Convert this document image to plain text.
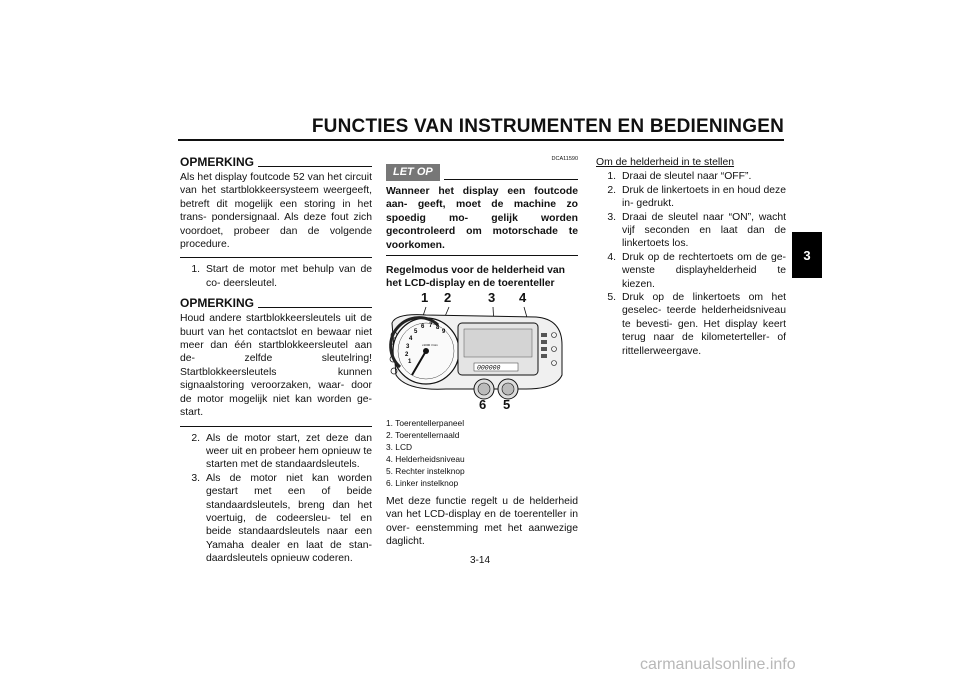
FUNCTIES VAN INSTRUMENTEN EN BEDIENINGEN
3
OPMERKING
Als het display foutcode 52 van het circuit van het startblokkeersysteem weergeeft, betreft dit mogelijk een storing in het trans- pondersignaal. Als deze fout zich voordoet, probeer dan de volgende procedure.
1. Start de motor met behulp van de co- deersleutel.
OPMERKING
Houd andere startblokkeersleutels uit de buurt van het contactslot en bewaar niet meer dan één startblokkeersleutel aan de- zelfde sleutelring! Startblokkeersleutels kunnen signaalstoring veroorzaken, waar- door de motor mogelijk niet kan worden ge- start.
2. Als de motor start, zet deze dan weer uit en probeer hem opnieuw te starten met de standaardsleutels.
3. Als de motor niet kan worden gestart met een of beide standaardsleutels, breng dan het voertuig, de codeersleu- tel en beide standaardsleutels naar een Yamaha dealer en laat de stan- daardsleutels opnieuw coderen.
DCA11590
LET OP
Wanneer het display een foutcode aan- geeft, moet de machine zo spoedig mo- gelijk worden gecontroleerd om motorschade te voorkomen.
Regelmodus voor de helderheid van het LCD-display en de toerenteller
1 2	3 4
1
2
3
4
5
6 7 8
9
x1000 r/min
000000
6 5
1. Toerentellerpaneel
2. Toerentellernaald
3. LCD
4. Helderheidsniveau
5. Rechter instelknop
6. Linker instelknop
Met deze functie regelt u de helderheid van het LCD-display en de toerenteller in over- eenstemming met het aanwezige daglicht.
Om de helderheid in te stellen
1. Draai de sleutel naar “OFF”.
2. Druk de linkertoets in en houd deze in- gedrukt.
3. Draai de sleutel naar “ON”, wacht vijf seconden en laat dan de linkertoets los.
4. Druk op de rechtertoets om de ge- wenste displayhelderheid te kiezen.
5. Druk op de linkertoets om het geselec- teerde helderheidsniveau te bevesti- gen. Het display keert terug naar de kilometerteller- of rittellerweergave.
3-14
carmanualsonline.info
